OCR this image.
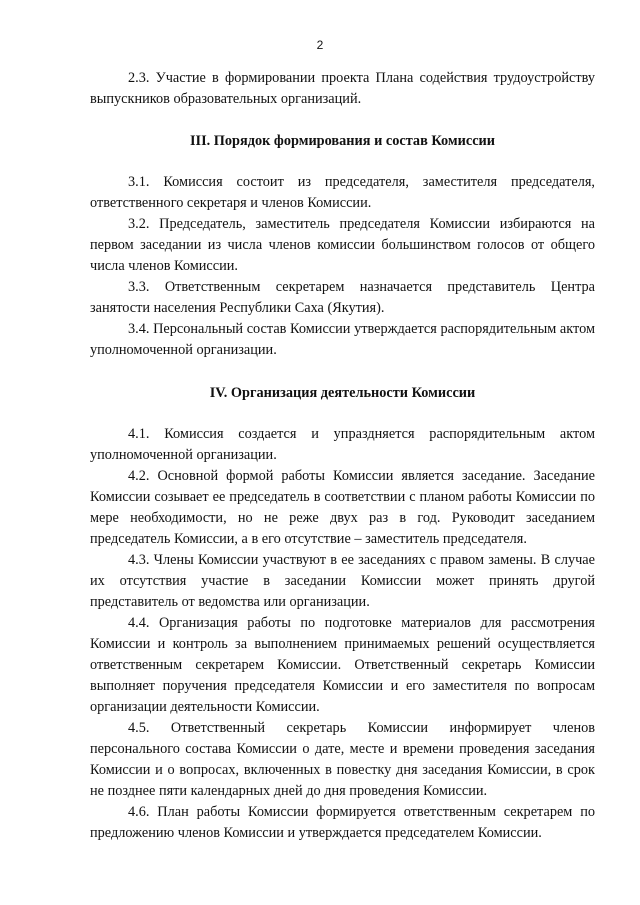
2

2.3. Участие в формировании проекта Плана содействия трудоустройству выпускников образовательных организаций.

III. Порядок формирования и состав Комиссии

3.1. Комиссия состоит из председателя, заместителя председателя, ответственного секретаря и членов Комиссии.

3.2. Председатель, заместитель председателя Комиссии избираются на первом заседании из числа членов комиссии большинством голосов от общего числа членов Комиссии.

3.3. Ответственным секретарем назначается представитель Центра занятости населения Республики Саха (Якутия).

3.4. Персональный состав Комиссии утверждается распорядительным актом уполномоченной организации.

IV. Организация деятельности Комиссии

4.1. Комиссия создается и упраздняется распорядительным актом уполномоченной организации.

4.2. Основной формой работы Комиссии является заседание. Заседание Комиссии созывает ее председатель в соответствии с планом работы Комиссии по мере необходимости, но не реже двух раз в год. Руководит заседанием председатель Комиссии, а в его отсутствие – заместитель председателя.

4.3. Члены Комиссии участвуют в ее заседаниях с правом замены. В случае их отсутствия участие в заседании Комиссии может принять другой представитель от ведомства или организации.

4.4. Организация работы по подготовке материалов для рассмотрения Комиссии и контроль за выполнением принимаемых решений осуществляется ответственным секретарем Комиссии. Ответственный секретарь Комиссии выполняет поручения председателя Комиссии и его заместителя по вопросам организации деятельности Комиссии.

4.5. Ответственный секретарь Комиссии информирует членов персонального состава Комиссии о дате, месте и времени проведения заседания Комиссии и о вопросах, включенных в повестку дня заседания Комиссии, в срок не позднее пяти календарных дней до дня проведения Комиссии.

4.6. План работы Комиссии формируется ответственным секретарем по предложению членов Комиссии и утверждается председателем Комиссии.
